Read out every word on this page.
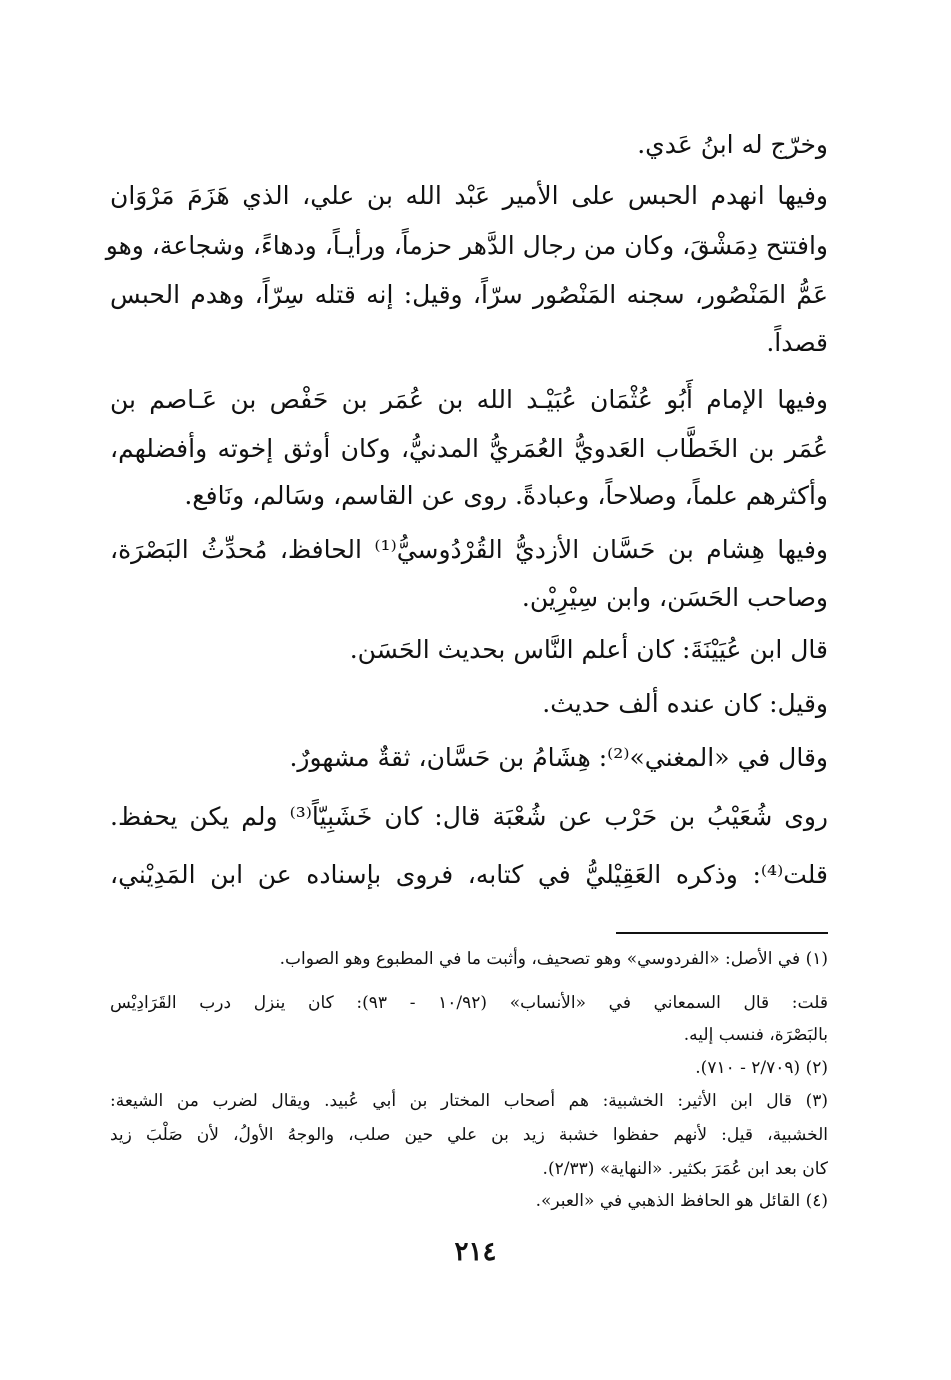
وخرّج له ابنُ عَدي.
وفيها انهدم الحبس على الأمير عَبْد الله بن علي، الذي هَزَمَ مَرْوَان
وافتتح دِمَشْقَ، وكان من رجال الدَّهر حزماً، ورأيـاً، ودهاءً، وشجاعة، وهو
عَمُّ المَنْصُور، سجنه المَنْصُور سرّاً، وقيل: إنه قتله سِرّاً، وهدم الحبس
قصداً.
وفيها الإمام أَبُو عُثْمَان عُبَيْـد الله بن عُمَر بن حَفْص بن عَـاصم بن
عُمَر بن الخَطَّاب العَدويُّ العُمَريُّ المدنيُّ، وكان أوثق إخوته وأفضلهم،
وأكثرهم علماً، وصلاحاً، وعبادةً. روى عن القاسم، وسَالم، ونَافع.
وفيها هِشام بن حَسَّان الأزديُّ القُرْدُوسيُّ⁽¹⁾ الحافظ، مُحدِّثُ البَصْرَة،
وصاحب الحَسَن، وابن سِيْرِيْن.
قال ابن عُيَيْنَةَ: كان أعلم النَّاس بحديث الحَسَن.
وقيل: كان عنده ألف حديث.
وقال في «المغني»⁽²⁾: هِشَامُ بن حَسَّان، ثقةٌ مشهورٌ.
روى شُعَيْبُ بن حَرْب عن شُعْبَة قال: كان خَشَبِيّاً⁽³⁾ ولم يكن يحفظ.
قلت⁽⁴⁾: وذكره العَقِيْليُّ في كتابه، فروى بإسناده عن ابن المَدِيْني،
(١) في الأصل: «الفردوسي» وهو تصحيف، وأثبت ما في المطبوع وهو الصواب.
قلت: قال السمعاني في «الأنساب» (١٠/٩٢ - ٩٣): كان ينزل درب القَرَادِيْس
بالبَصْرَة، فنسب إليه.
(٢) (٢/٧٠٩ - ٧١٠).
(٣) قال ابن الأثير: الخشبية: هم أصحاب المختار بن أبي عُبيد. ويقال لضرب من الشيعة:
الخشبية، قيل: لأنهم حفظوا خشبة زيد بن علي حين صلب، والوجهُ الأولُ، لأن صَلْبَ زيد
كان بعد ابن عُمَرَ بكثير. «النهاية» (٢/٣٣).
(٤) القائل هو الحافظ الذهبي في «العبر».
٢١٤
